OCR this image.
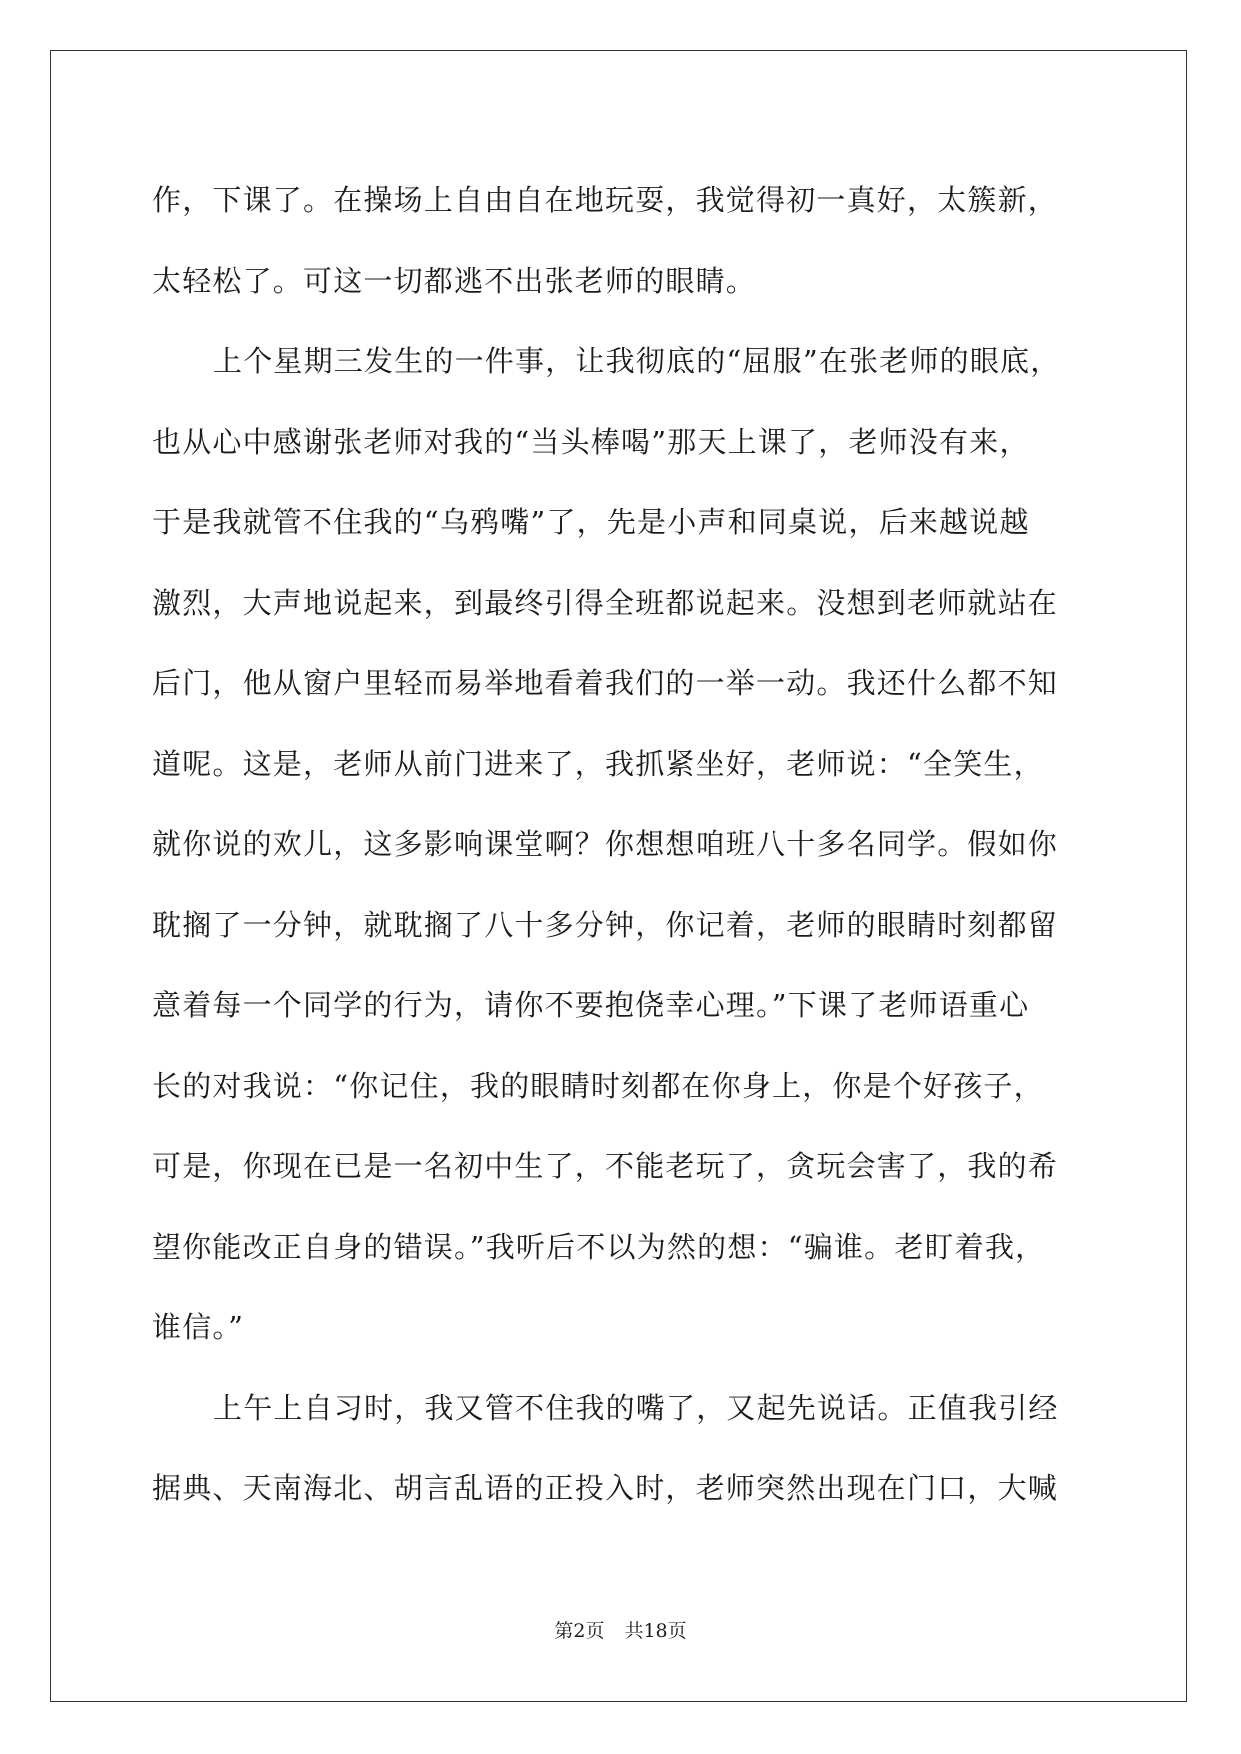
作，下课了。在操场上自由自在地玩耍，我觉得初一真好，太簇新，
太轻松了。可这一切都逃不出张老师的眼睛。
上个星期三发生的一件事，让我彻底的“屈服”在张老师的眼底，
也从心中感谢张老师对我的“当头棒喝”那天上课了，老师没有来，
于是我就管不住我的“乌鸦嘴”了，先是小声和同桌说，后来越说越
激烈，大声地说起来，到最终引得全班都说起来。没想到老师就站在
后门，他从窗户里轻而易举地看着我们的一举一动。我还什么都不知
道呢。这是，老师从前门进来了，我抓紧坐好，老师说：“全笑生，
就你说的欢儿，这多影响课堂啊？你想想咱班八十多名同学。假如你
耽搁了一分钟，就耽搁了八十多分钟，你记着，老师的眼睛时刻都留
意着每一个同学的行为，请你不要抱侥幸心理。”下课了老师语重心
长的对我说：“你记住，我的眼睛时刻都在你身上，你是个好孩子，
可是，你现在已是一名初中生了，不能老玩了，贪玩会害了，我的希
望你能改正自身的错误。”我听后不以为然的想：“骗谁。老盯着我，
谁信。”
上午上自习时，我又管不住我的嘴了，又起先说话。正值我引经
据典、天南海北、胡言乱语的正投入时，老师突然出现在门口，大喊
第2页 共18页
